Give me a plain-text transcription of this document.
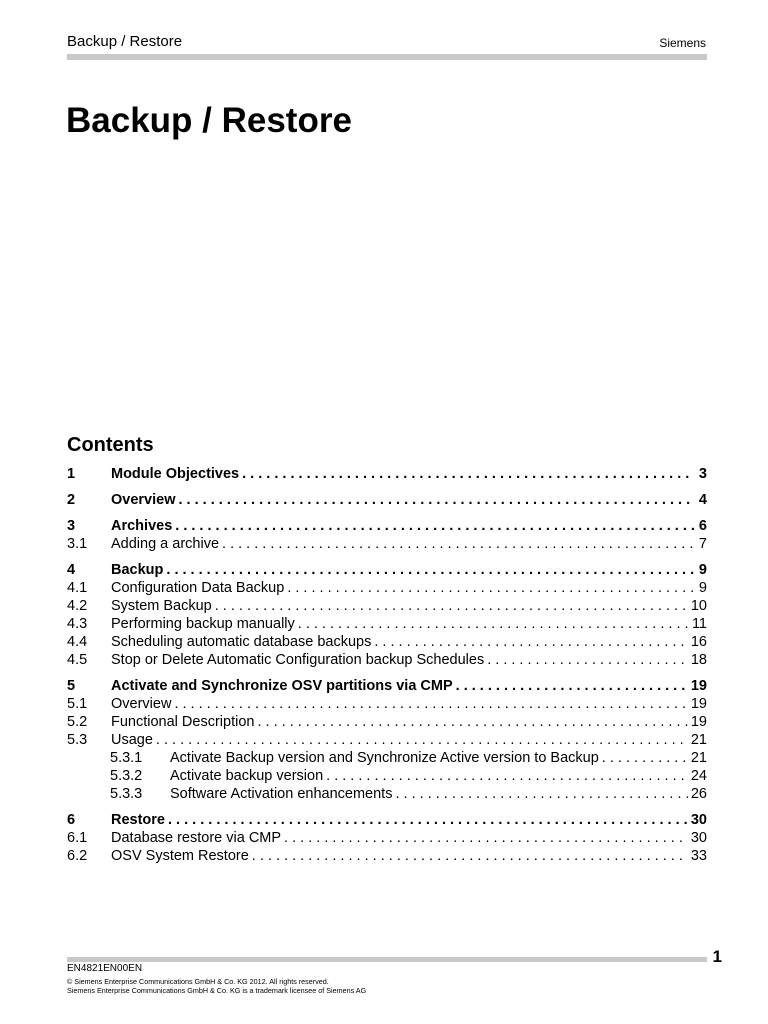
Backup / Restore	Siemens
Backup / Restore
Contents
1	Module Objectives . . .	3
2	Overview . . .	4
3	Archives . . .	6
3.1	Adding a archive . . .	7
4	Backup . . .	9
4.1	Configuration Data Backup . . .	9
4.2	System Backup . . .	10
4.3	Performing backup manually . . .	11
4.4	Scheduling automatic database backups . . .	16
4.5	Stop or Delete Automatic Configuration backup Schedules . . .	18
5	Activate and Synchronize OSV partitions via CMP . . .	19
5.1	Overview . . .	19
5.2	Functional Description . . .	19
5.3	Usage . . .	21
5.3.1	Activate Backup version and Synchronize Active version to Backup . . .	21
5.3.2	Activate backup version . . .	24
5.3.3	Software Activation enhancements . . .	26
6	Restore . . .	30
6.1	Database restore via CMP . . .	30
6.2	OSV System Restore . . .	33
1
EN4821EN00EN
© Siemens Enterprise Communications GmbH & Co. KG 2012. All rights reserved.
Siemens Enterprise Communications GmbH & Co. KG is a trademark licensee of Siemens AG
